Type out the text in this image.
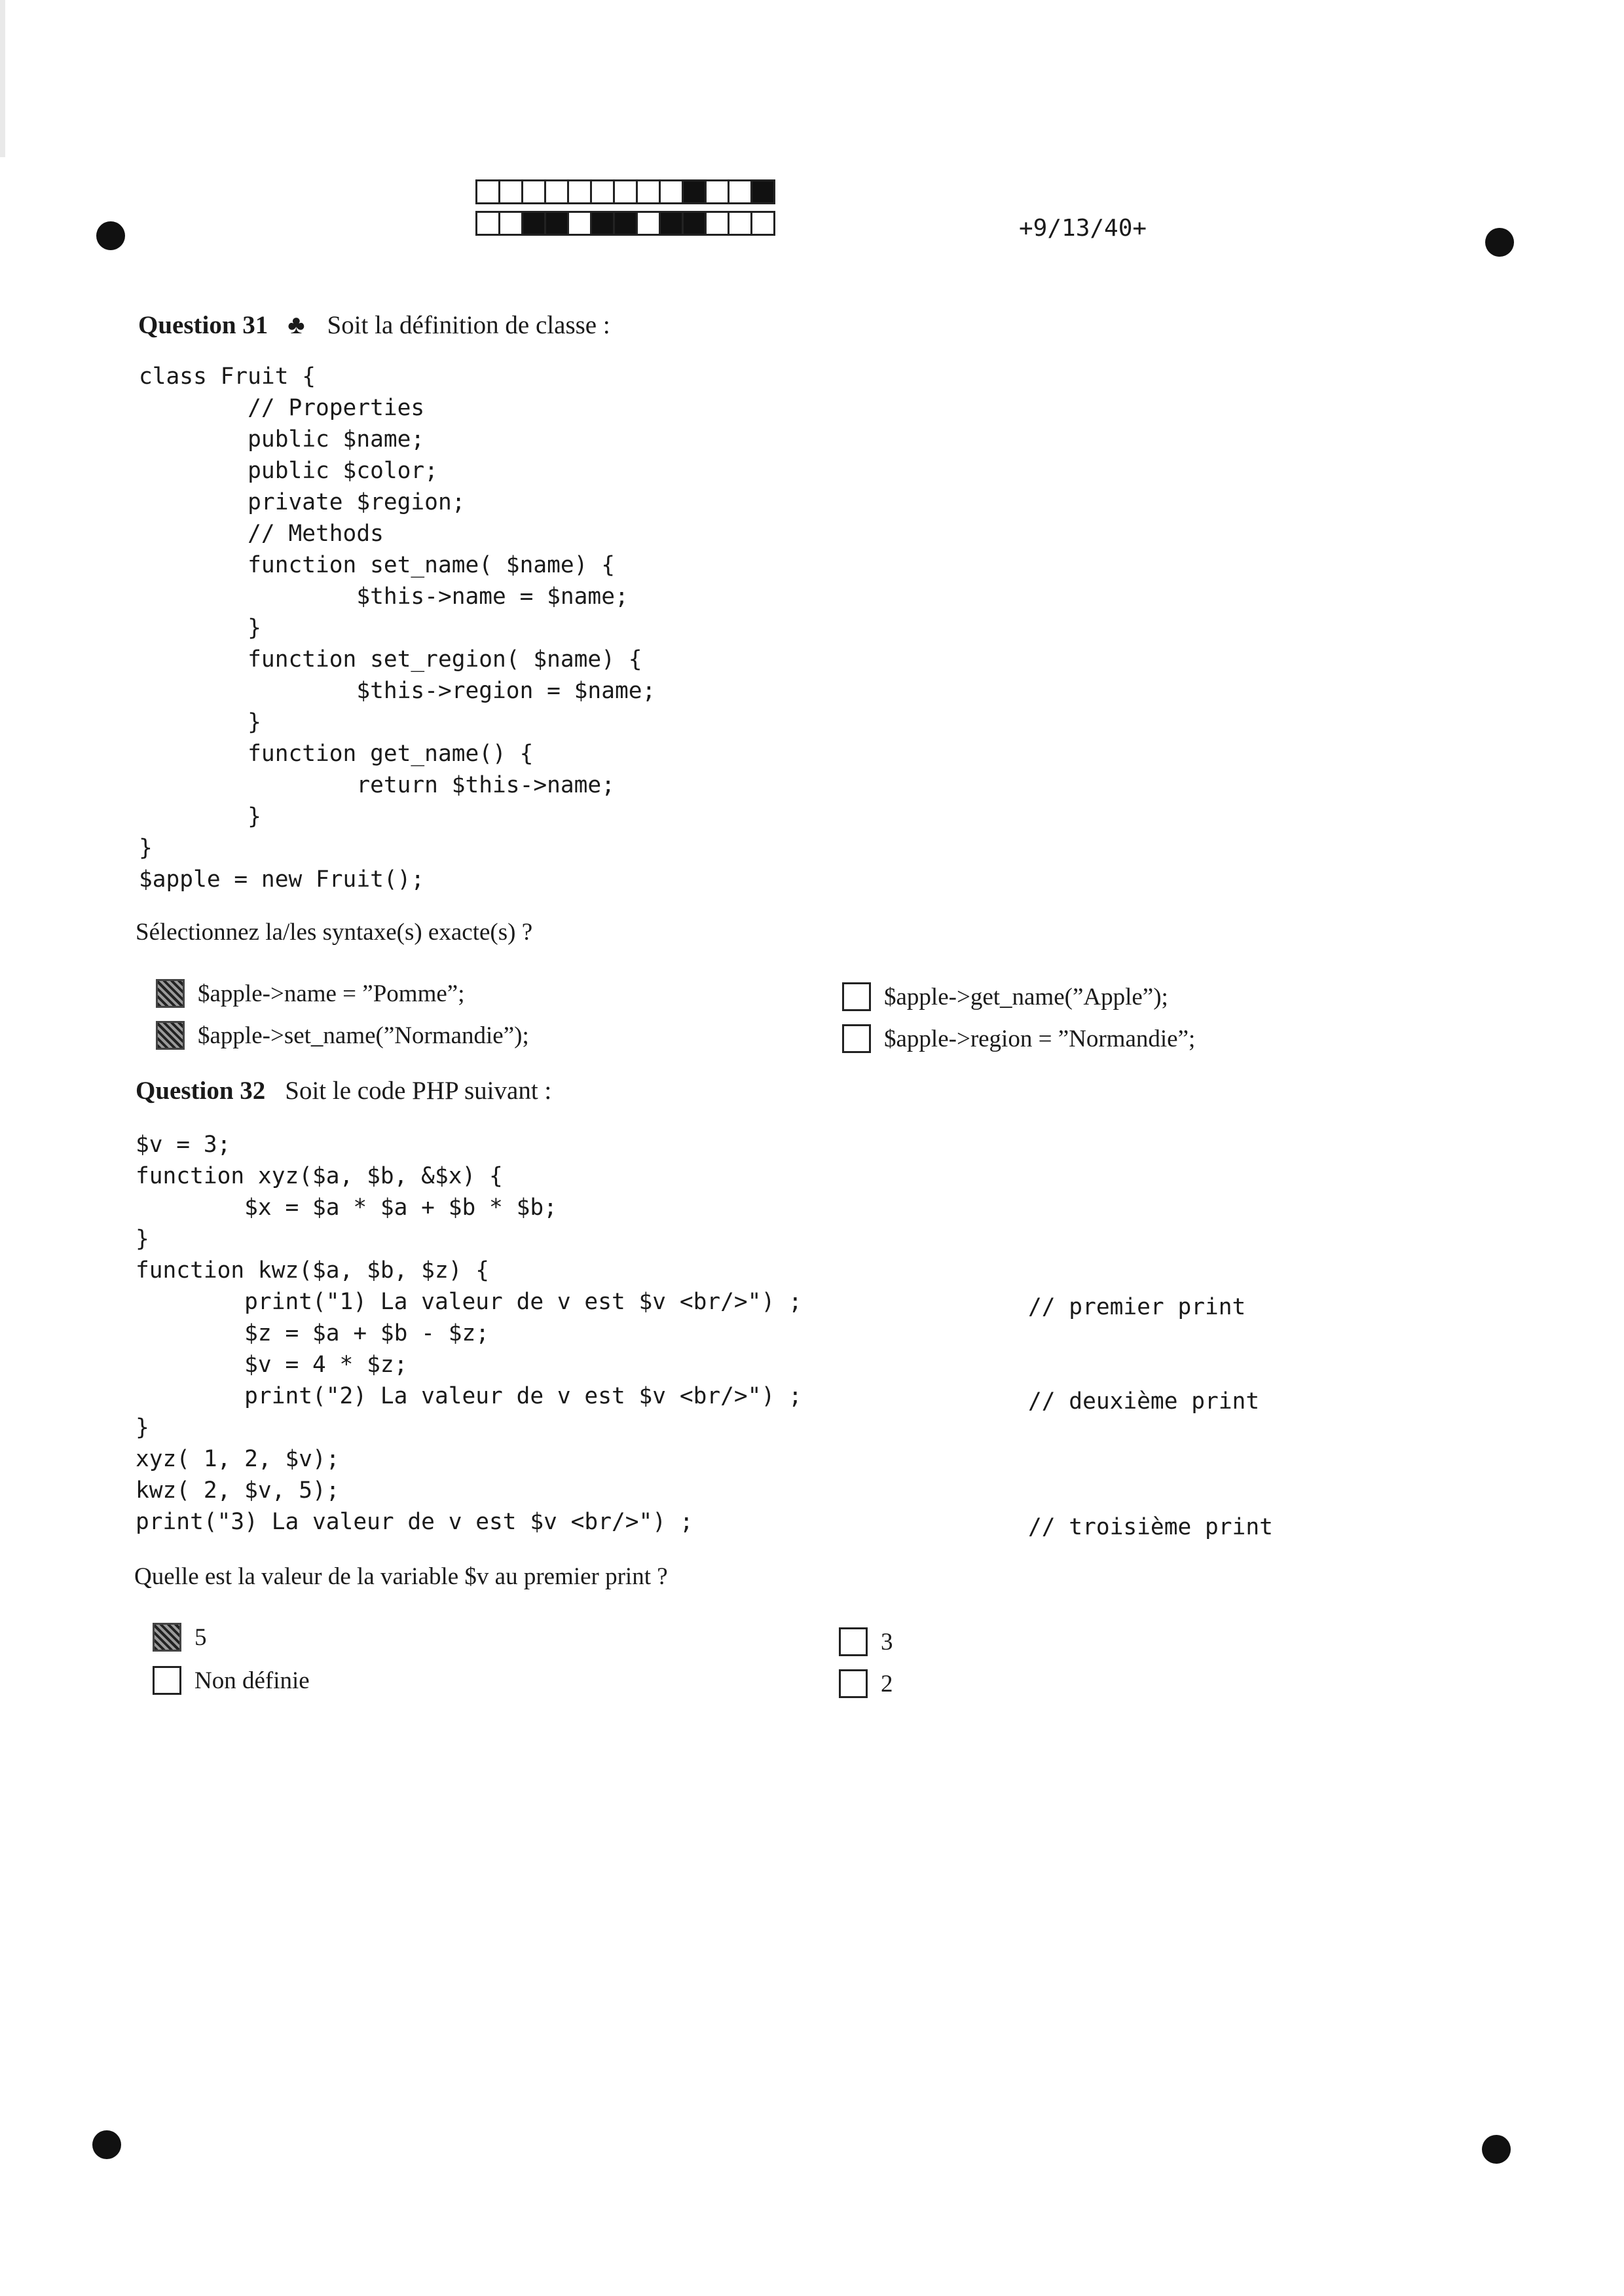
+9/13/40+
Question 31 ♣ Soit la définition de classe :
class Fruit {
// Properties
public $name;
public $color;
private $region;
// Methods
function set_name( $name) {
$this->name = $name;
}
function set_region( $name) {
$this->region = $name;
}
function get_name() {
return $this->name;
}
}
$apple = new Fruit();
Sélectionnez la/les syntaxe(s) exacte(s) ?
$apple->name = ”Pomme”;
$apple->set_name(”Normandie”);
$apple->get_name(”Apple”);
$apple->region = ”Normandie”;
Question 32 Soit le code PHP suivant :
$v = 3;
function xyz($a, $b, &$x) {
$x = $a * $a + $b * $b;
}
function kwz($a, $b, $z) {
print("1) La valeur de v est $v <br/>") ;
$z = $a + $b - $z;
$v = 4 * $z;
print("2) La valeur de v est $v <br/>") ;
}
xyz( 1, 2, $v);
kwz( 2, $v, 5);
print("3) La valeur de v est $v <br/>") ;
// premier print
// deuxième print
// troisième print
Quelle est la valeur de la variable $v au premier print ?
5
Non définie
3
2
